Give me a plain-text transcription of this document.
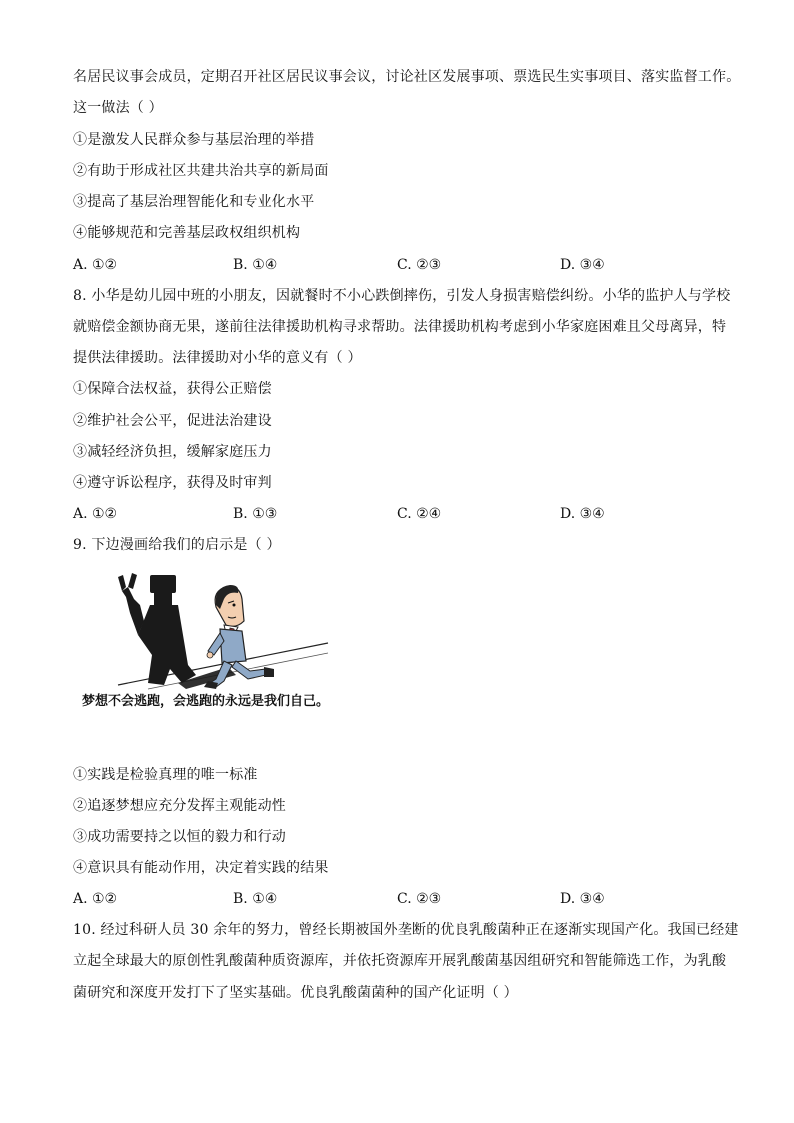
名居民议事会成员，定期召开社区居民议事会议，讨论社区发展事项、票选民生实事项目、落实监督工作。
这一做法（ ）
①是激发人民群众参与基层治理的举措
②有助于形成社区共建共治共享的新局面
③提高了基层治理智能化和专业化水平
④能够规范和完善基层政权组织机构
A. ①②	B. ①④	C. ②③	D. ③④
8. 小华是幼儿园中班的小朋友，因就餐时不小心跌倒摔伤，引发人身损害赔偿纠纷。小华的监护人与学校
就赔偿金额协商无果，遂前往法律援助机构寻求帮助。法律援助机构考虑到小华家庭困难且父母离异，特
提供法律援助。法律援助对小华的意义有（ ）
①保障合法权益，获得公正赔偿
②维护社会公平，促进法治建设
③减轻经济负担，缓解家庭压力
④遵守诉讼程序，获得及时审判
A. ①②	B. ①③	C. ②④	D. ③④
9. 下边漫画给我们的启示是（ ）
梦想不会逃跑，会逃跑的永远是我们自己。
①实践是检验真理的唯一标准
②追逐梦想应充分发挥主观能动性
③成功需要持之以恒的毅力和行动
④意识具有能动作用，决定着实践的结果
A. ①②	B. ①④	C. ②③	D. ③④
10. 经过科研人员 30 余年的努力，曾经长期被国外垄断的优良乳酸菌种正在逐渐实现国产化。我国已经建
立起全球最大的原创性乳酸菌种质资源库，并依托资源库开展乳酸菌基因组研究和智能筛选工作，为乳酸
菌研究和深度开发打下了坚实基础。优良乳酸菌菌种的国产化证明（ ）
